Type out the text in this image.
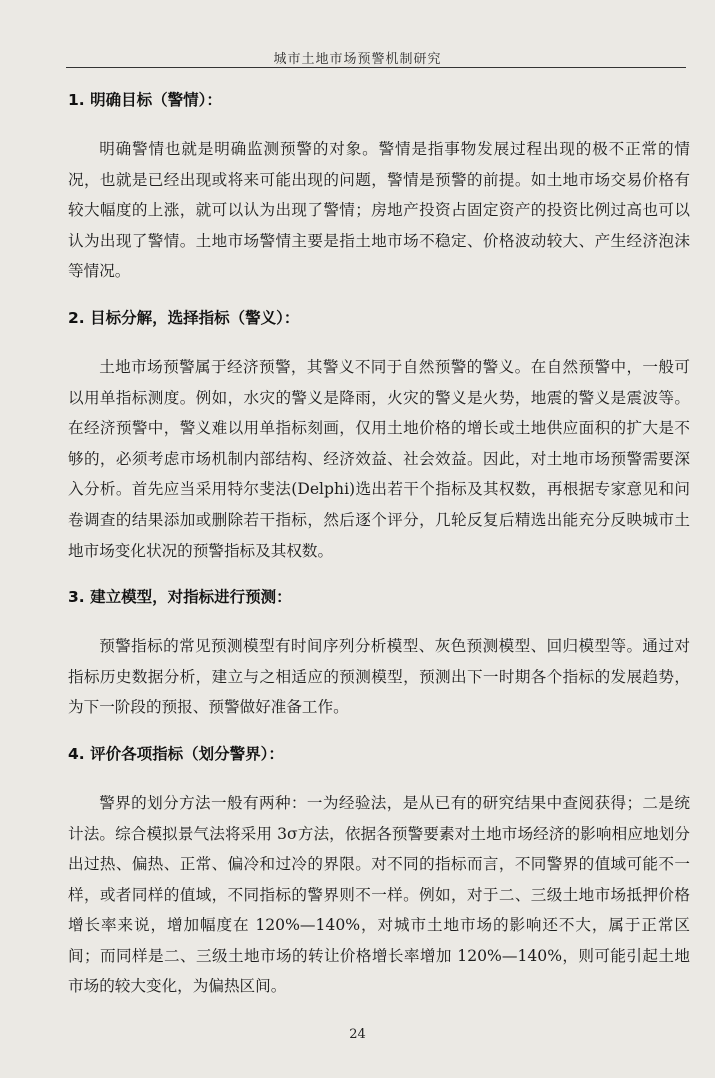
城市土地市场预警机制研究
1. 明确目标（警情）：

明确警情也就是明确监测预警的对象。警情是指事物发展过程出现的极不正常的情况，也就是已经出现或将来可能出现的问题，警情是预警的前提。如土地市场交易价格有较大幅度的上涨，就可以认为出现了警情；房地产投资占固定资产的投资比例过高也可以认为出现了警情。土地市场警情主要是指土地市场不稳定、价格波动较大、产生经济泡沫等情况。

2. 目标分解，选择指标（警义）：

土地市场预警属于经济预警，其警义不同于自然预警的警义。在自然预警中，一般可以用单指标测度。例如，水灾的警义是降雨，火灾的警义是火势，地震的警义是震波等。在经济预警中，警义难以用单指标刻画，仅用土地价格的增长或土地供应面积的扩大是不够的，必须考虑市场机制内部结构、经济效益、社会效益。因此，对土地市场预警需要深入分析。首先应当采用特尔斐法(Delphi)选出若干个指标及其权数，再根据专家意见和问卷调查的结果添加或删除若干指标，然后逐个评分，几轮反复后精选出能充分反映城市土地市场变化状况的预警指标及其权数。

3. 建立模型，对指标进行预测：

预警指标的常见预测模型有时间序列分析模型、灰色预测模型、回归模型等。通过对指标历史数据分析，建立与之相适应的预测模型，预测出下一时期各个指标的发展趋势，为下一阶段的预报、预警做好准备工作。

4. 评价各项指标（划分警界）：

警界的划分方法一般有两种：一为经验法，是从已有的研究结果中查阅获得；二是统计法。综合模拟景气法将采用 3σ方法，依据各预警要素对土地市场经济的影响相应地划分出过热、偏热、正常、偏冷和过冷的界限。对不同的指标而言，不同警界的值域可能不一样，或者同样的值域，不同指标的警界则不一样。例如，对于二、三级土地市场抵押价格增长率来说，增加幅度在 120%—140%，对城市土地市场的影响还不大，属于正常区间；而同样是二、三级土地市场的转让价格增长率增加 120%—140%，则可能引起土地市场的较大变化，为偏热区间。

24
